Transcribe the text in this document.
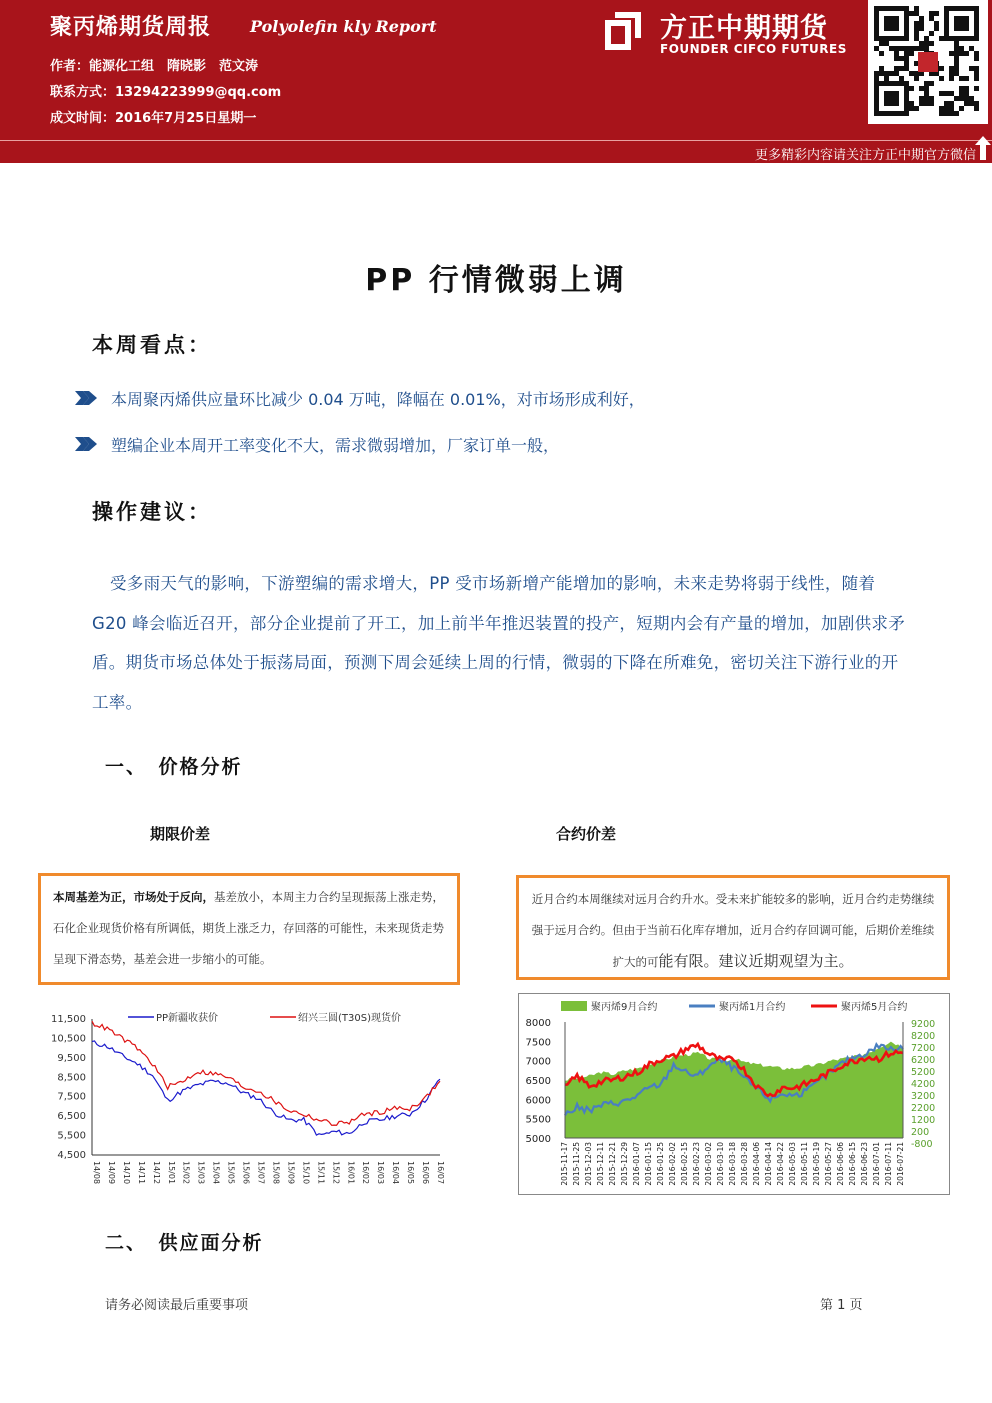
聚丙烯期货周报 Polyolefin kly Report
作者：能源化工组　隋晓影　范文涛
联系方式：13294223999@qq.com
成文时间：2016年7月25日星期一
方正中期期货
FOUNDER CIFCO FUTURES
更多精彩内容请关注方正中期官方微信
PP 行情微弱上调
本周看点：
本周聚丙烯供应量环比减少 0.04 万吨，降幅在 0.01%，对市场形成利好，
塑编企业本周开工率变化不大，需求微弱增加，厂家订单一般，
操作建议：
受多雨天气的影响，下游塑编的需求增大，PP 受市场新增产能增加的影响，未来走势将弱于线性，随着 G20 峰会临近召开，部分企业提前了开工，加上前半年推迟装置的投产，短期内会有产量的增加，加剧供求矛盾。期货市场总体处于振荡局面，预测下周会延续上周的行情，微弱的下降在所难免，密切关注下游行业的开工率。
一、　价格分析
期限价差	合约价差
本周基差为正，市场处于反向，基差放小，本周主力合约呈现振荡上涨走势，石化企业现货价格有所调低，期货上涨乏力，存回落的可能性，未来现货走势呈现下滑态势，基差会进一步缩小的可能。
近月合约本周继续对远月合约升水。受未来扩能较多的影响，近月合约走势继续强于远月合约。但由于当前石化库存增加，近月合约存回调可能，后期价差维续扩大的可能有限。建议近期观望为主。
11,500
10,500
9,500
8,500
7,500
6,500
5,500
4,500
14/08 14/09 14/10 14/11 14/12 15/01 15/02 15/03 15/04 15/05 15/06 15/07 15/08 15/09 15/10 15/11 15/12 16/01 16/02 16/03 16/04 16/05 16/06 16/07
PP新疆收获价	绍兴三圆(T30S)现货价
聚丙烯9月合约	聚丙烯1月合约	聚丙烯5月合约
8000
7500
7000
6500
6000
5500
5000
9200
8200
7200
6200
5200
4200
3200
2200
1200
200
-800
2015-11-17 2015-11-25 2015-12-03 2015-12-11 2015-12-21 2015-12-29 2016-01-07 2016-01-15 2016-01-25 2016-02-02 2016-02-15 2016-02-23 2016-03-02 2016-03-10 2016-03-18 2016-03-28 2016-04-06 2016-04-14 2016-04-22 2016-05-03 2016-05-11 2016-05-19 2016-05-27 2016-06-06 2016-06-15 2016-06-23 2016-07-01 2016-07-11 2016-07-21
二、　供应面分析
请务必阅读最后重要事项	第 1 页
